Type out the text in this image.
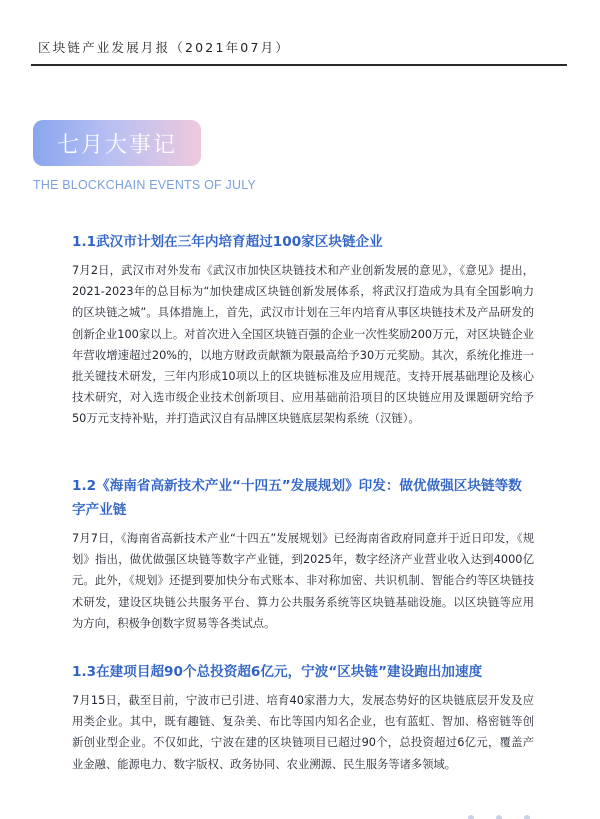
区块链产业发展月报（2021年07月）
七月大事记
THE BLOCKCHAIN EVENTS OF JULY

1.1武汉市计划在三年内培育超过100家区块链企业

7月2日，武汉市对外发布《武汉市加快区块链技术和产业创新发展的意见》，《意见》提出，2021-2023年的总目标为“加快建成区块链创新发展体系，将武汉打造成为具有全国影响力的区块链之城”。具体措施上，首先，武汉市计划在三年内培育从事区块链技术及产品研发的创新企业100家以上。对首次进入全国区块链百强的企业一次性奖励200万元，对区块链企业年营收增速超过20%的，以地方财政贡献额为限最高给予30万元奖励。其次，系统化推进一批关键技术研发，三年内形成10项以上的区块链标准及应用规范。支持开展基础理论及核心技术研究，对入选市级企业技术创新项目、应用基础前沿项目的区块链应用及课题研究给予50万元支持补贴，并打造武汉自有品牌区块链底层架构系统（汉链）。

1.2《海南省高新技术产业“十四五”发展规划》印发：做优做强区块链等数字产业链

7月7日，《海南省高新技术产业“十四五”发展规划》已经海南省政府同意并于近日印发，《规划》指出，做优做强区块链等数字产业链，到2025年，数字经济产业营业收入达到4000亿元。此外，《规划》还提到要加快分布式账本、非对称加密、共识机制、智能合约等区块链技术研发，建设区块链公共服务平台、算力公共服务系统等区块链基础设施。以区块链等应用为方向，积极争创数字贸易等各类试点。

1.3在建项目超90个总投资超6亿元，宁波“区块链”建设跑出加速度

7月15日，截至目前，宁波市已引进、培育40家潜力大，发展态势好的区块链底层开发及应用类企业。其中，既有趣链、复杂美、布比等国内知名企业，也有蓝虹、智加、格密链等创新创业型企业。不仅如此，宁波在建的区块链项目已超过90个，总投资超过6亿元，覆盖产业金融、能源电力、数字版权、政务协同、农业溯源、民生服务等诸多领域。
